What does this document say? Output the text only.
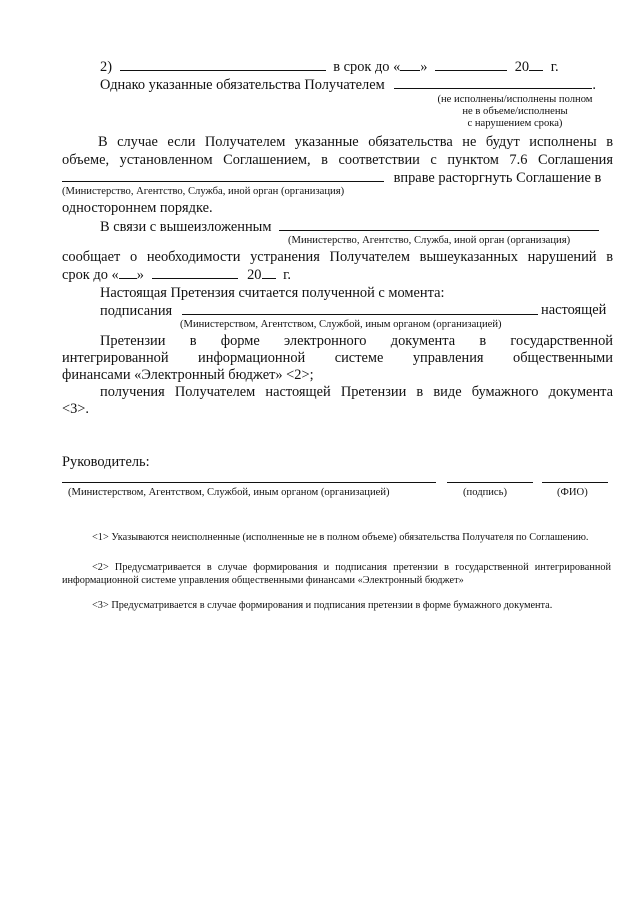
2)	в срок до « »	20 г.
Однако указанные обязательства Получателем	.
(не исполнены/исполнены полном
не в объеме/исполнены
с нарушением срока)
В случае если Получателем указанные обязательства не будут исполнены в
объеме, установленном Соглашением, в соответствии с пунктом 7.6 Соглашения
вправе расторгнуть Соглашение в
(Министерство, Агентство, Служба, иной орган (организация)
одностороннем порядке.
В связи с вышеизложенным
(Министерство, Агентство, Служба, иной орган (организация)
сообщает о необходимости устранения Получателем вышеуказанных нарушений в
срок до « »	20 г.
Настоящая Претензия считается полученной с момента:
подписания	настоящей
(Министерством, Агентством, Службой, иным органом (организацией)
Претензии в форме электронного документа в государственной
интегрированной информационной системе управления общественными
финансами «Электронный бюджет» <2>;
получения Получателем настоящей Претензии в виде бумажного документа
<3>.
Руководитель:
(Министерством, Агентством, Службой, иным органом (организацией)	(подпись)	(ФИО)
<1> Указываются неисполненные (исполненные не в полном объеме) обязательства Получателя по Соглашению.
<2> Предусматривается в случае формирования и подписания претензии в государственной интегрированной информационной системе управления общественными финансами «Электронный бюджет»
<3> Предусматривается в случае формирования и подписания претензии в форме бумажного документа.
